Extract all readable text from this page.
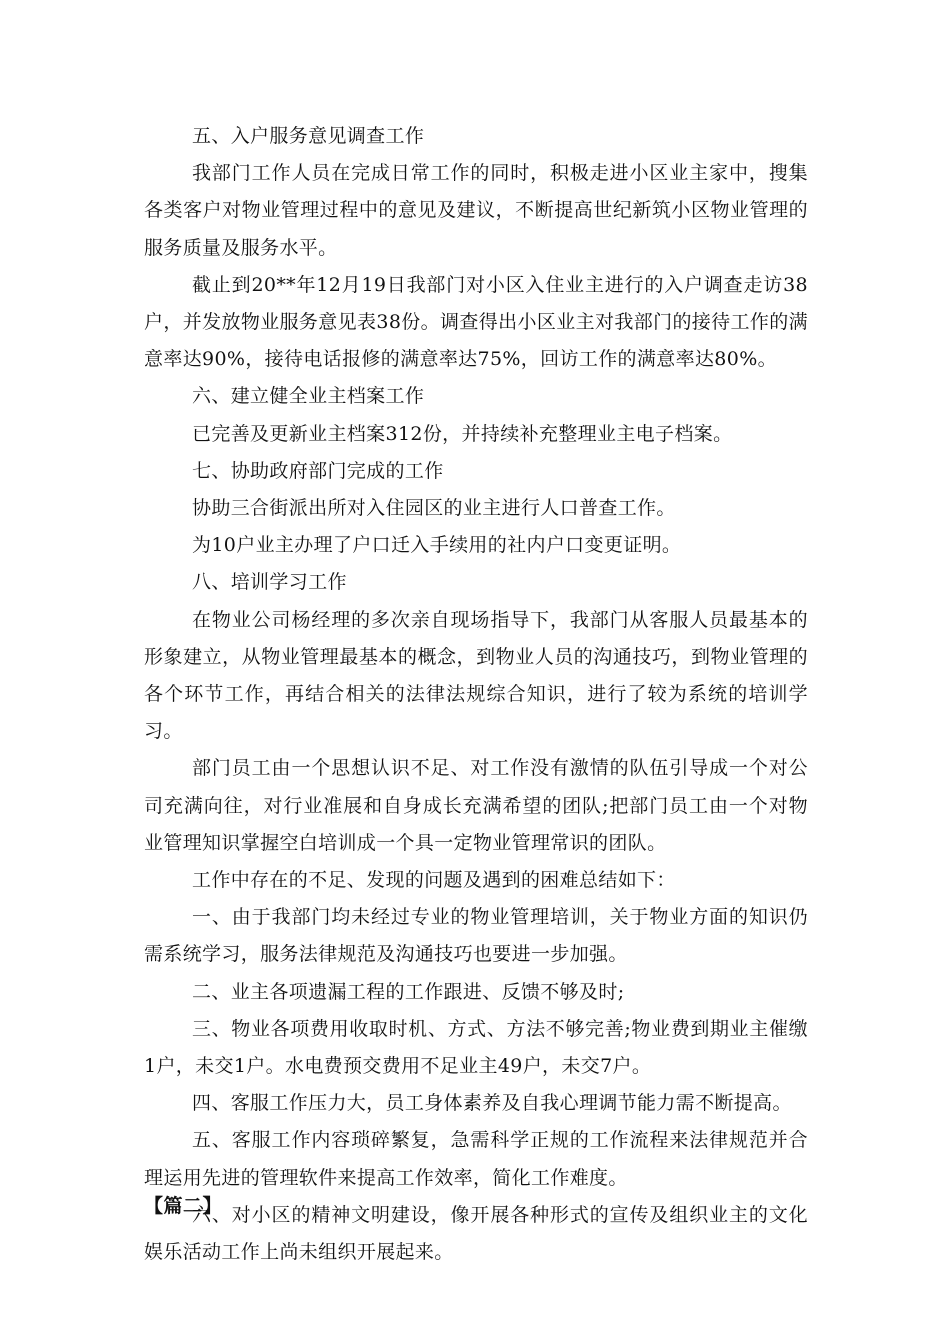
五、入户服务意见调查工作

我部门工作人员在完成日常工作的同时，积极走进小区业主家中，搜集各类客户对物业管理过程中的意见及建议，不断提高世纪新筑小区物业管理的服务质量及服务水平。

截止到20**年12月19日我部门对小区入住业主进行的入户调查走访38户，并发放物业服务意见表38份。调查得出小区业主对我部门的接待工作的满意率达90%，接待电话报修的满意率达75%，回访工作的满意率达80%。

六、建立健全业主档案工作

已完善及更新业主档案312份，并持续补充整理业主电子档案。

七、协助政府部门完成的工作

协助三合街派出所对入住园区的业主进行人口普查工作。

为10户业主办理了户口迁入手续用的社内户口变更证明。

八、培训学习工作

在物业公司杨经理的多次亲自现场指导下，我部门从客服人员最基本的形象建立，从物业管理最基本的概念，到物业人员的沟通技巧，到物业管理的各个环节工作，再结合相关的法律法规综合知识，进行了较为系统的培训学习。

部门员工由一个思想认识不足、对工作没有激情的队伍引导成一个对公司充满向往，对行业准展和自身成长充满希望的团队;把部门员工由一个对物业管理知识掌握空白培训成一个具一定物业管理常识的团队。

工作中存在的不足、发现的问题及遇到的困难总结如下：

一、由于我部门均未经过专业的物业管理培训，关于物业方面的知识仍需系统学习，服务法律规范及沟通技巧也要进一步加强。

二、业主各项遗漏工程的工作跟进、反馈不够及时;

三、物业各项费用收取时机、方式、方法不够完善;物业费到期业主催缴1户，未交1户。水电费预交费用不足业主49户，未交7户。

四、客服工作压力大，员工身体素养及自我心理调节能力需不断提高。

五、客服工作内容琐碎繁复，急需科学正规的工作流程来法律规范并合理运用先进的管理软件来提高工作效率，简化工作难度。

六、对小区的精神文明建设，像开展各种形式的宣传及组织业主的文化娱乐活动工作上尚未组织开展起来。

【篇二】
